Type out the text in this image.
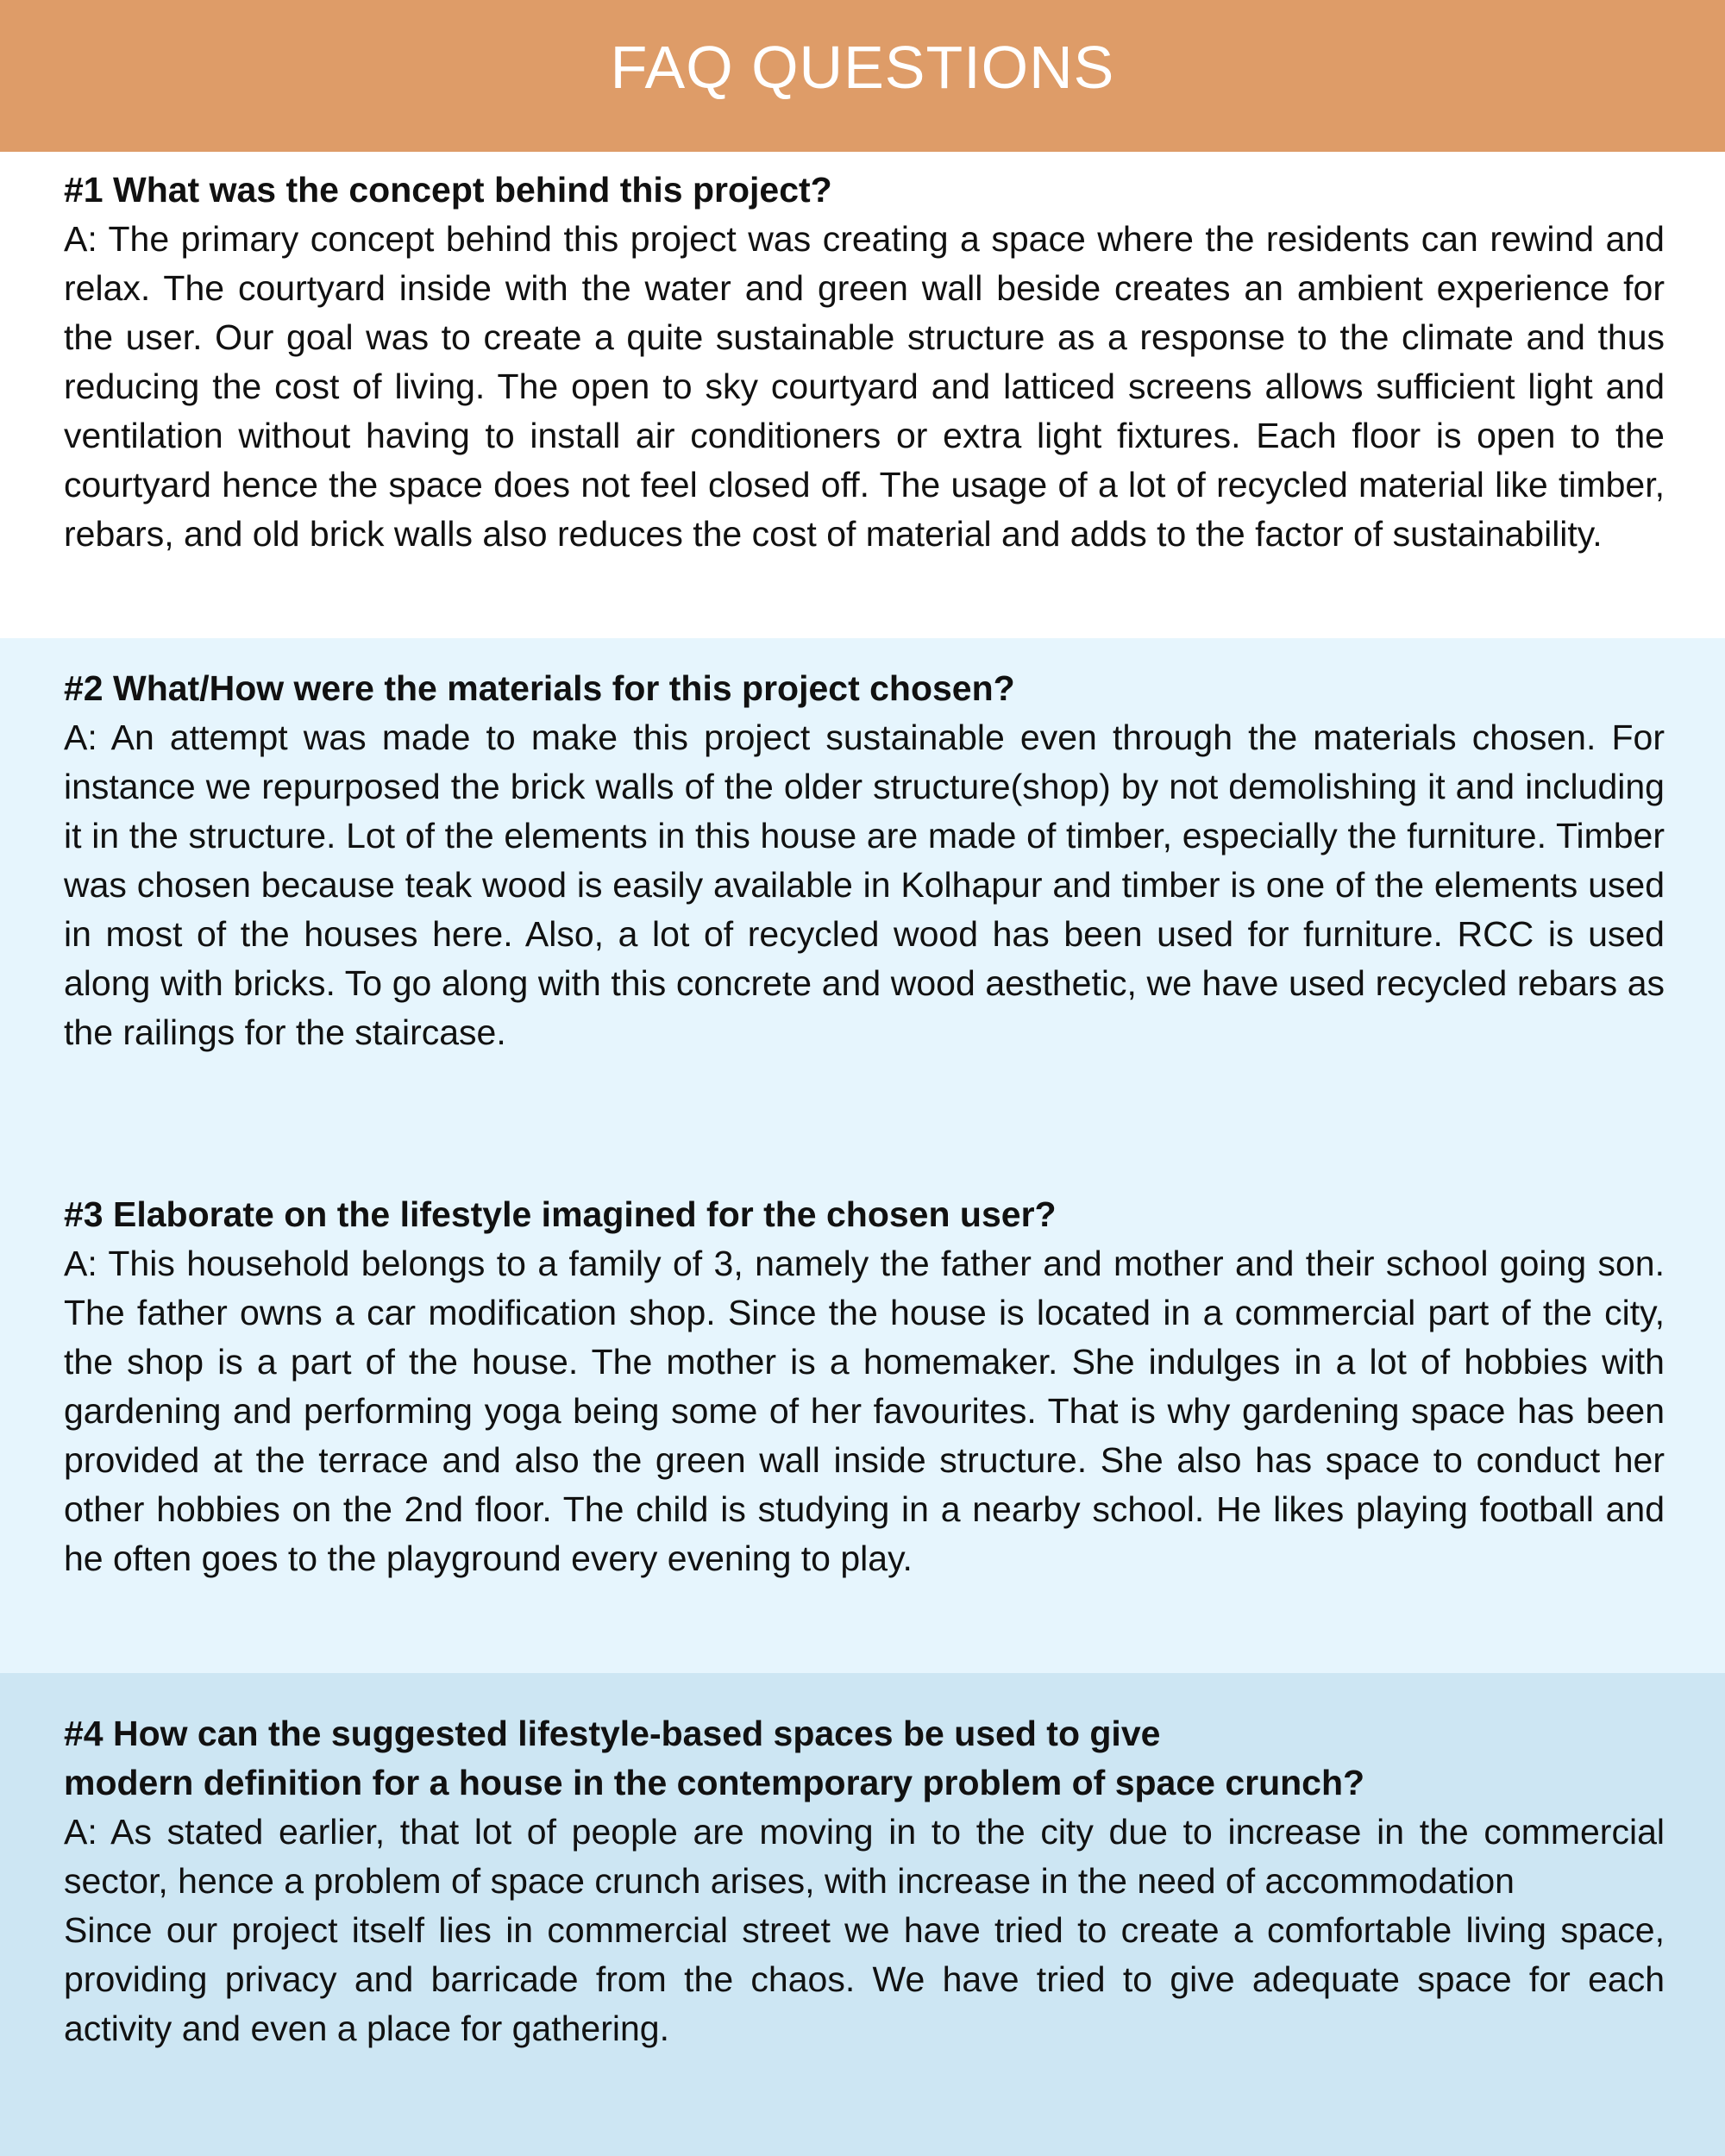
FAQ QUESTIONS

#1 What was the concept behind this project?

A: The primary concept behind this project was creating a space where the residents can rewind and relax. The courtyard inside with the water and green wall beside creates an ambient experience for the user. Our goal was to create a quite sustainable structure as a response to the climate and thus reducing the cost of living. The open to sky courtyard and latticed screens allows sufficient light and ventilation without having to install air conditioners or extra light fixtures. Each floor is open to the courtyard hence the space does not feel closed off. The usage of a lot of recycled material like timber, rebars, and old brick walls also reduces the cost of material and adds to the factor of sustainability.

#2 What/How were the materials for this project chosen?

A: An attempt was made to make this project sustainable even through the materials chosen. For instance we repurposed the brick walls of the older structure(shop) by not demolishing it and including it in the structure. Lot of the elements in this house are made of timber, especially the furniture. Timber was chosen because teak wood is easily available in Kolhapur and timber is one of the elements used in most of the houses here. Also, a lot of recycled wood has been used for furniture. RCC is used along with bricks. To go along with this concrete and wood aesthetic, we have used recycled rebars as the railings for the staircase.

#3 Elaborate on the lifestyle imagined for the chosen user?

A: This household belongs to a family of 3, namely the father and mother and their school going son. The father owns a car modification shop. Since the house is located in a commercial part of the city, the shop is a part of the house. The mother is a homemaker. She indulges in a lot of hobbies with gardening and performing yoga being some of her favourites. That is why gardening space has been provided at the terrace and also the green wall inside structure. She also has space to conduct her other hobbies on the 2nd floor. The child is studying in a nearby school. He likes playing football and he often goes to the playground every evening to play.

#4 How can the suggested lifestyle-based spaces be used to give

modern definition for a house in the contemporary problem of space crunch?

A: As stated earlier, that lot of people are moving in to the city due to increase in the commercial sector, hence a problem of space crunch arises, with increase in the need of accommodation

Since our project itself lies in commercial street we have tried to create a comfortable living space, providing privacy and barricade from the chaos. We have tried to give adequate space for each activity and even a place for gathering.
